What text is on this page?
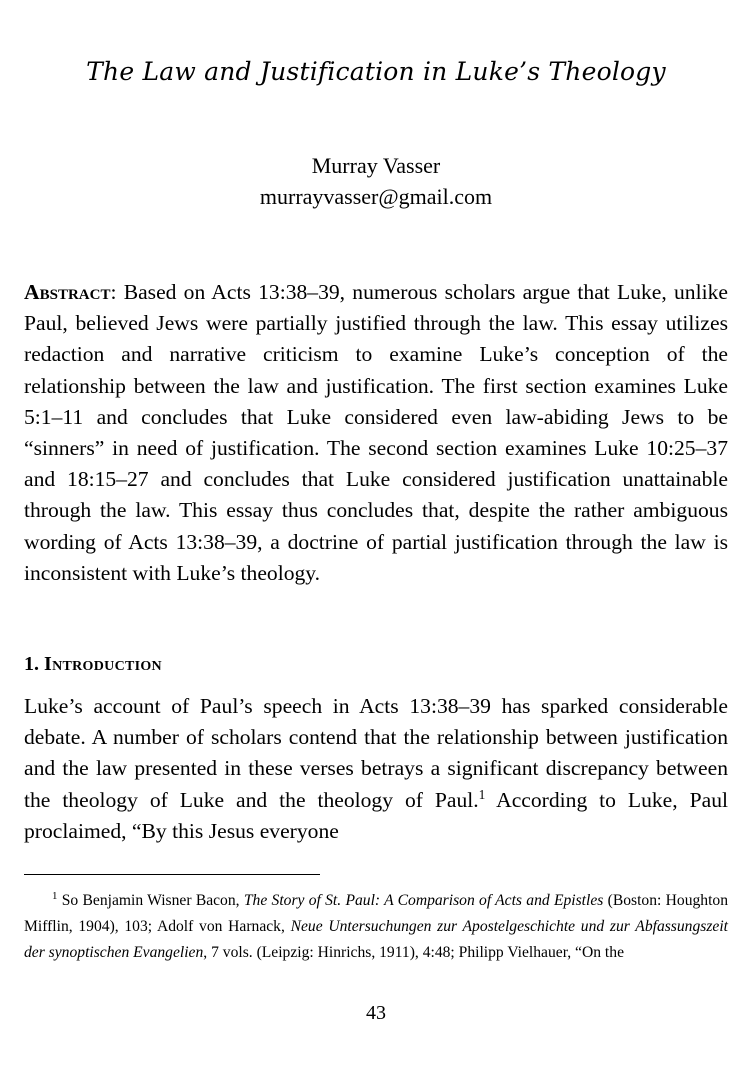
The Law and Justification in Luke’s Theology
Murray Vasser
murrayvasser@gmail.com
Abstract: Based on Acts 13:38–39, numerous scholars argue that Luke, unlike Paul, believed Jews were partially justified through the law. This essay utilizes redaction and narrative criticism to examine Luke’s conception of the relationship between the law and justification. The first section examines Luke 5:1–11 and concludes that Luke considered even law-abiding Jews to be “sinners” in need of justification. The second section examines Luke 10:25–37 and 18:15–27 and concludes that Luke considered justification unattainable through the law. This essay thus concludes that, despite the rather ambiguous wording of Acts 13:38–39, a doctrine of partial justification through the law is inconsistent with Luke’s theology.
1. Introduction
Luke’s account of Paul’s speech in Acts 13:38–39 has sparked considerable debate. A number of scholars contend that the relationship between justification and the law presented in these verses betrays a significant discrepancy between the theology of Luke and the theology of Paul.$^1$ According to Luke, Paul proclaimed, “By this Jesus everyone
$^1$ So Benjamin Wisner Bacon, The Story of St. Paul: A Comparison of Acts and Epistles (Boston: Houghton Mifflin, 1904), 103; Adolf von Harnack, Neue Untersuchungen zur Apostelgeschichte und zur Abfassungszeit der synoptischen Evangelien, 7 vols. (Leipzig: Hinrichs, 1911), 4:48; Philipp Vielhauer, “On the
43
